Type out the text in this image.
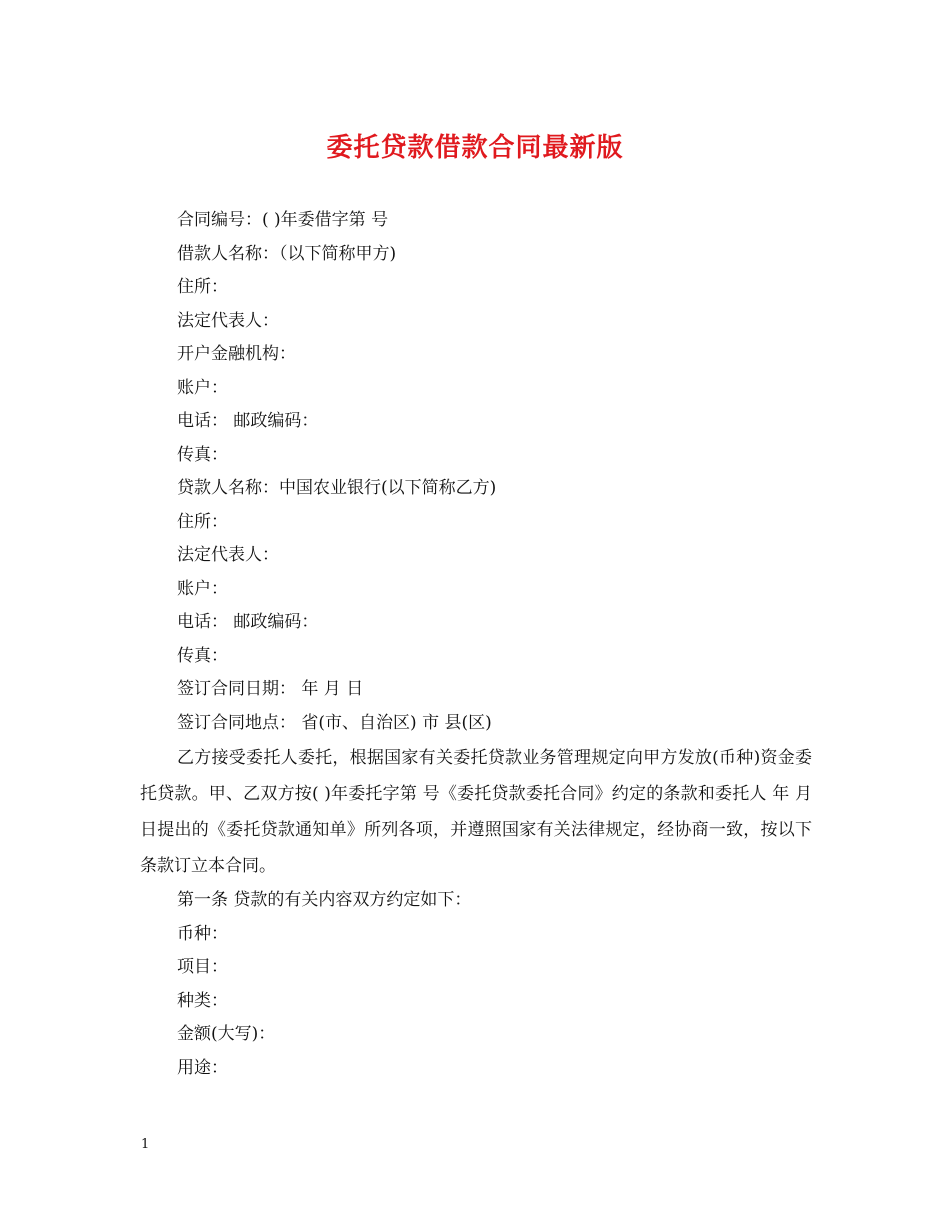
委托贷款借款合同最新版
合同编号：( )年委借字第 号
借款人名称：（以下简称甲方)
住所：
法定代表人：
开户金融机构：
账户：
电话： 邮政编码：
传真：
贷款人名称：中国农业银行(以下简称乙方)
住所：
法定代表人：
账户：
电话： 邮政编码：
传真：
签订合同日期： 年 月 日
签订合同地点： 省(市、自治区) 市 县(区)

乙方接受委托人委托，根据国家有关委托贷款业务管理规定向甲方发放(币种)资金委托贷款。甲、乙双方按( )年委托字第 号《委托贷款委托合同》约定的条款和委托人 年 月 日提出的《委托贷款通知单》所列各项，并遵照国家有关法律规定，经协商一致，按以下条款订立本合同。

第一条 贷款的有关内容双方约定如下：
币种：
项目：
种类：
金额(大写)：
用途：
1
